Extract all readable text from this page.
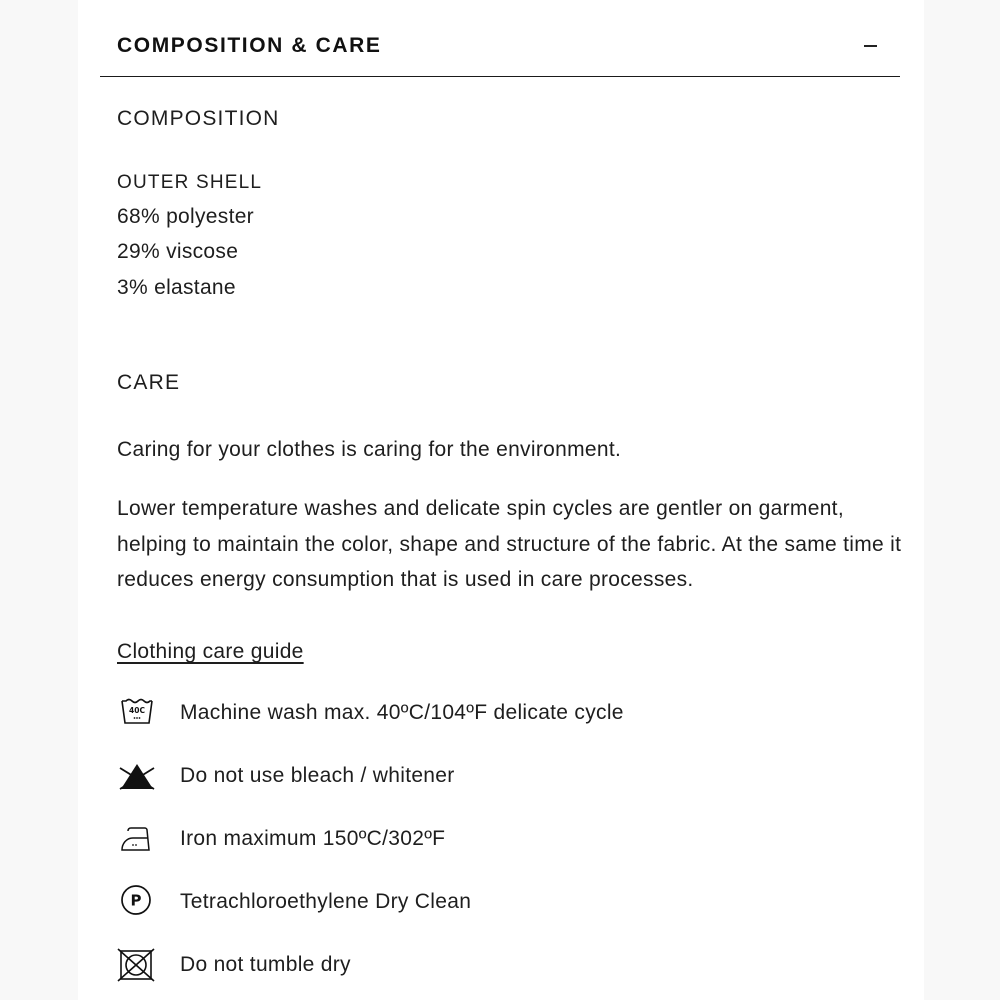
COMPOSITION & CARE
COMPOSITION
OUTER SHELL
68% polyester
29% viscose
3% elastane
CARE
Caring for your clothes is caring for the environment.
Lower temperature washes and delicate spin cycles are gentler on garment, helping to maintain the color, shape and structure of the fabric. At the same time it reduces energy consumption that is used in care processes.
Clothing care guide
40C Machine wash max. 40ºC/104ºF delicate cycle
Do not use bleach / whitener
Iron maximum 150ºC/302ºF
P Tetrachloroethylene Dry Clean
Do not tumble dry
